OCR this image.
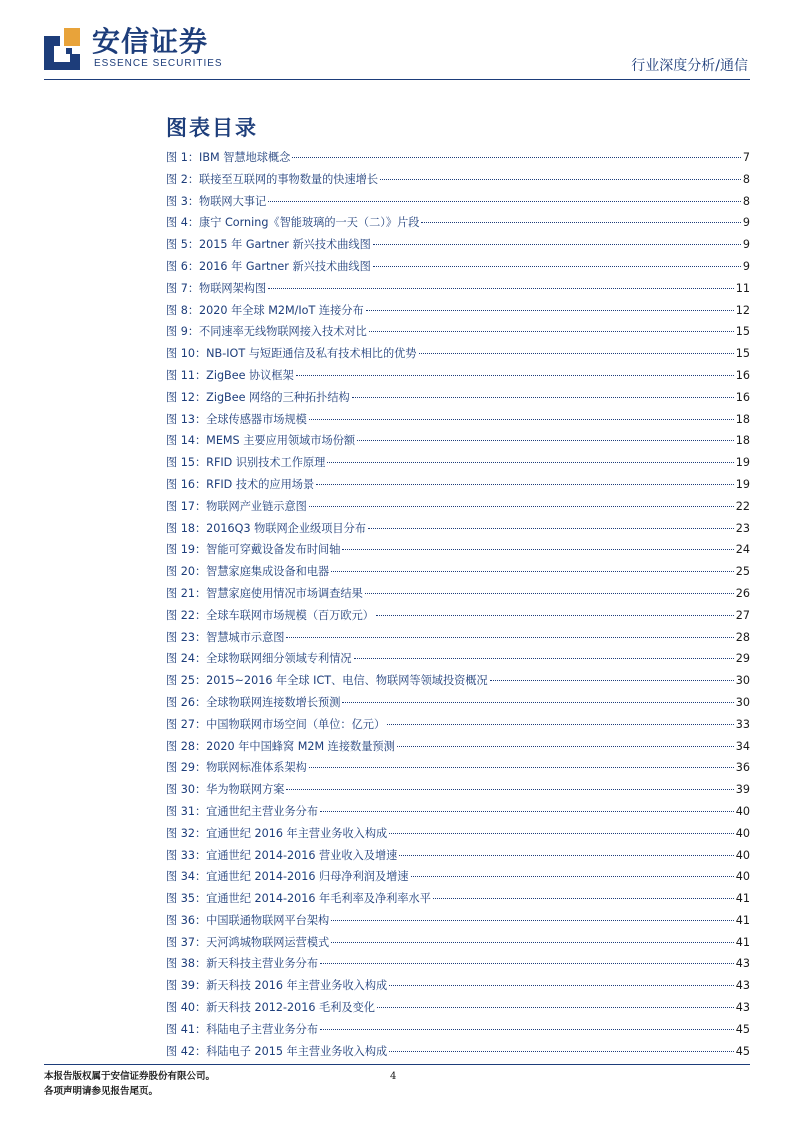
安信证券
ESSENCE SECURITIES	行业深度分析/通信
图表目录
图 1：IBM 智慧地球概念	7
图 2：联接至互联网的事物数量的快速增长	8
图 3：物联网大事记	8
图 4：康宁 Corning《智能玻璃的一天（二）》片段	9
图 5：2015 年 Gartner 新兴技术曲线图	9
图 6：2016 年 Gartner 新兴技术曲线图	9
图 7：物联网架构图	11
图 8：2020 年全球 M2M/IoT 连接分布	12
图 9：不同速率无线物联网接入技术对比	15
图 10：NB-IOT 与短距通信及私有技术相比的优势	15
图 11：ZigBee 协议框架	16
图 12：ZigBee 网络的三种拓扑结构	16
图 13：全球传感器市场规模	18
图 14：MEMS 主要应用领域市场份额	18
图 15：RFID 识别技术工作原理	19
图 16：RFID 技术的应用场景	19
图 17：物联网产业链示意图	22
图 18：2016Q3 物联网企业级项目分布	23
图 19：智能可穿戴设备发布时间轴	24
图 20：智慧家庭集成设备和电器	25
图 21：智慧家庭使用情况市场调查结果	26
图 22：全球车联网市场规模（百万欧元）	27
图 23：智慧城市示意图	28
图 24：全球物联网细分领域专利情况	29
图 25：2015~2016 年全球 ICT、电信、物联网等领域投资概况	30
图 26：全球物联网连接数增长预测	30
图 27：中国物联网市场空间（单位：亿元）	33
图 28：2020 年中国蜂窝 M2M 连接数量预测	34
图 29：物联网标准体系架构	36
图 30：华为物联网方案	39
图 31：宜通世纪主营业务分布	40
图 32：宜通世纪 2016 年主营业务收入构成	40
图 33：宜通世纪 2014-2016 营业收入及增速	40
图 34：宜通世纪 2014-2016 归母净利润及增速	40
图 35：宜通世纪 2014-2016 年毛利率及净利率水平	41
图 36：中国联通物联网平台架构	41
图 37：天河鸿城物联网运营模式	41
图 38：新天科技主营业务分布	43
图 39：新天科技 2016 年主营业务收入构成	43
图 40：新天科技 2012-2016 毛利及变化	43
图 41：科陆电子主营业务分布	45
图 42：科陆电子 2015 年主营业务收入构成	45
本报告版权属于安信证券股份有限公司。
各项声明请参见报告尾页。
4
